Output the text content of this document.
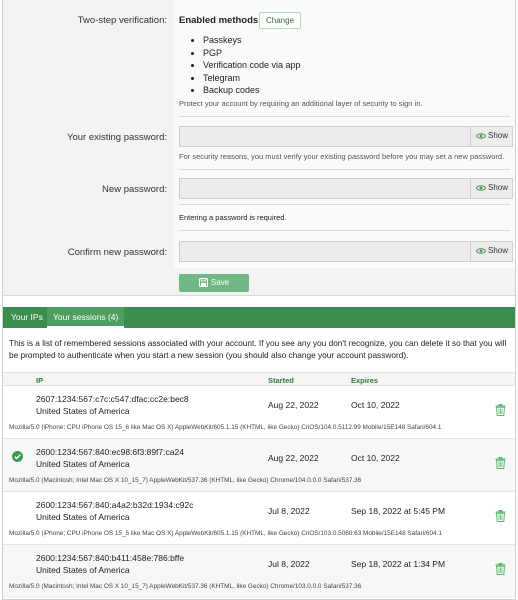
Two-step verification: Enabled methods Change
• Passkeys
• PGP
• Verification code via app
• Telegram
• Backup codes
Protect your account by requiring an additional layer of security to sign in.
Your existing password:	Show
For security reasons, you must verify your existing password before you may set a new password.
New password:	Show
Entering a password is required.
Confirm new password:	Show
Save
Your IPs	Your sessions (4)
This is a list of remembered sessions associated with your account. If you see any you don't recognize, you can delete it so that you will be prompted to authenticate when you start a new session (you should also change your account password).
IP	Started	Expires
2607:1234:567:c7c:c547:dfac:cc2e:bec8
United States of America
Aug 22, 2022	Oct 10, 2022
Mozilla/5.0 (iPhone; CPU iPhone OS 15_6 like Mac OS X) AppleWebKit/605.1.15 (KHTML, like Gecko) CriOS/104.0.5112.99 Mobile/15E148 Safari/604.1
2600:1234:567:840:ec98:6f3:89f7:ca24
United States of America
Aug 22, 2022	Oct 10, 2022
Mozilla/5.0 (Macintosh; Intel Mac OS X 10_15_7) AppleWebKit/537.36 (KHTML, like Gecko) Chrome/104.0.0.0 Safari/537.36
2600:1234:567:840:a4a2:b32d:1934:c92c
United States of America
Jul 8, 2022	Sep 18, 2022 at 5:45 PM
Mozilla/5.0 (iPhone; CPU iPhone OS 15_5 like Mac OS X) AppleWebKit/605.1.15 (KHTML, like Gecko) CriOS/103.0.5060.63 Mobile/15E148 Safari/604.1
2600:1234:567:840:b411:458e:786:bffe
United States of America
Jul 8, 2022	Sep 18, 2022 at 1:34 PM
Mozilla/5.0 (Macintosh; Intel Mac OS X 10_15_7) AppleWebKit/537.36 (KHTML, like Gecko) Chrome/103.0.0.0 Safari/537.36
